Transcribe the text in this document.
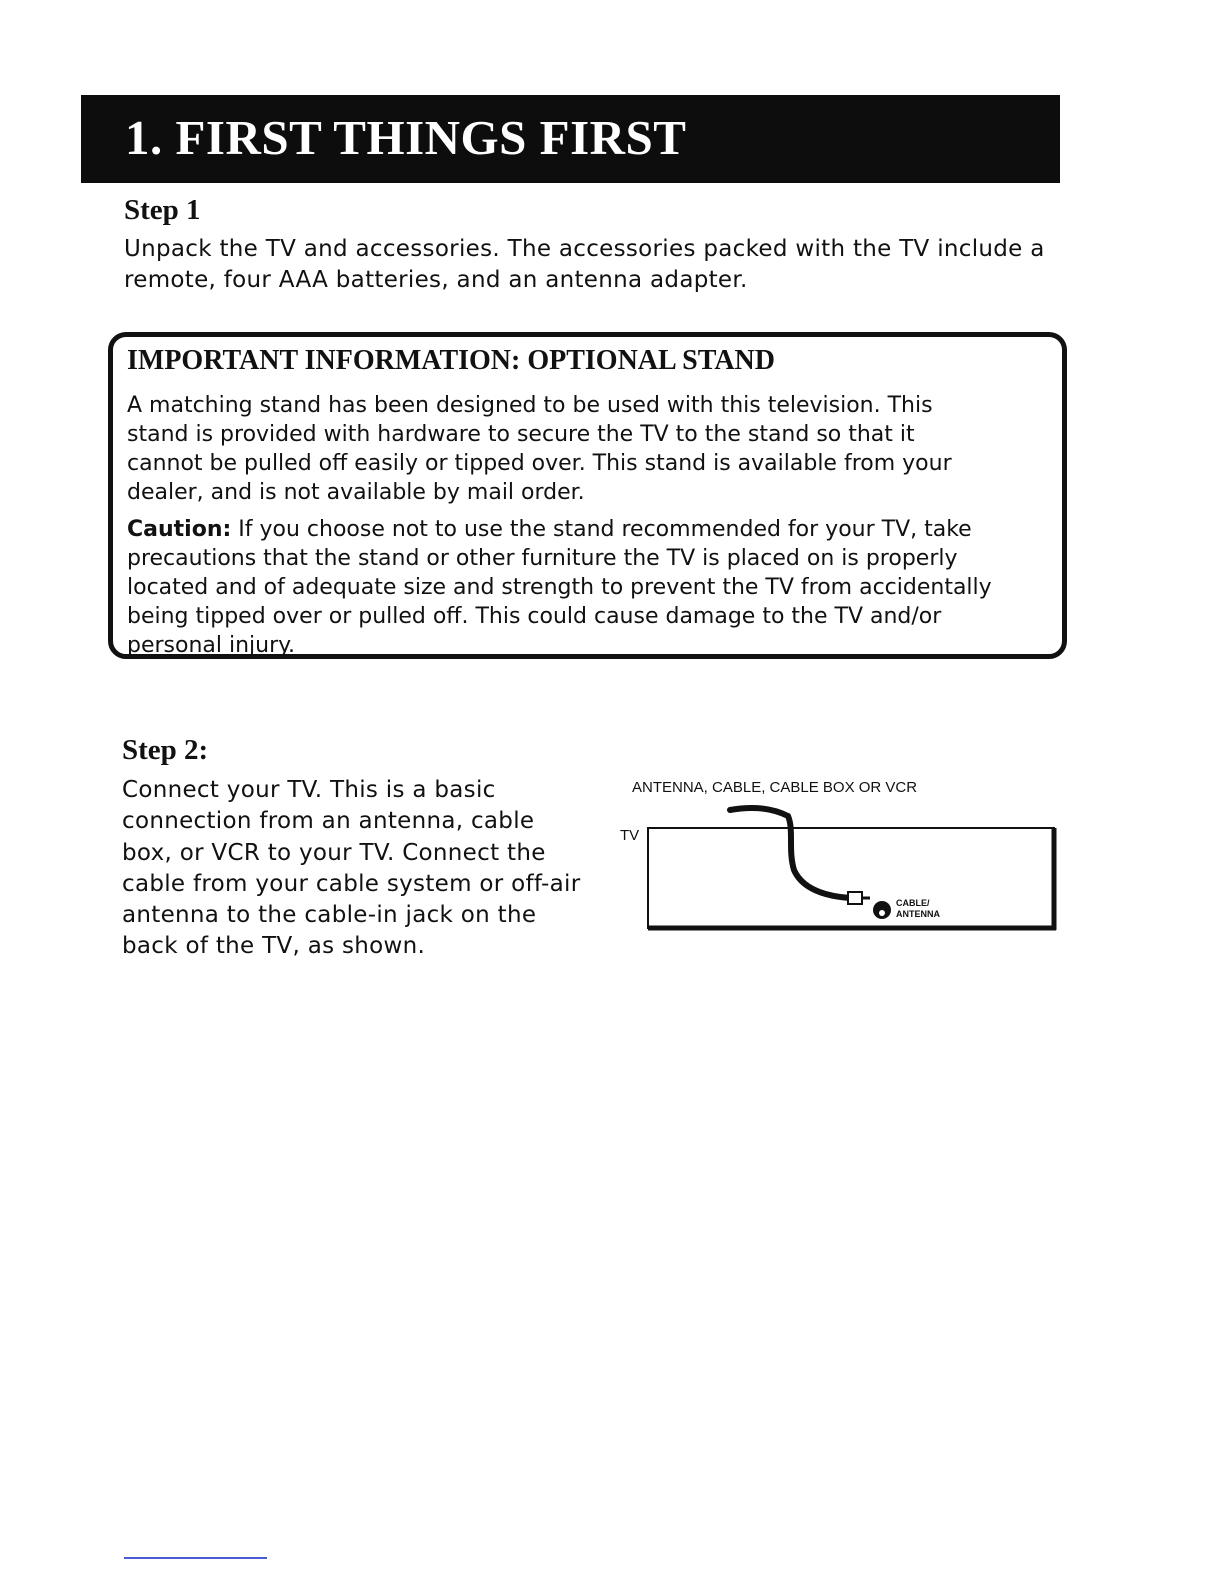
1. FIRST THINGS FIRST
Step 1

Unpack the TV and accessories. The accessories packed with the TV include a

remote, four AAA batteries, and an antenna adapter.

IMPORTANT INFORMATION: OPTIONAL STAND

A matching stand has been designed to be used with this television. This

stand is provided with hardware to secure the TV to the stand so that it

cannot be pulled off easily or tipped over. This stand is available from your

dealer, and is not available by mail order.

Caution: If you choose not to use the stand recommended for your TV, take

precautions that the stand or other furniture the TV is placed on is properly

located and of adequate size and strength to prevent the TV from accidentally

being tipped over or pulled off. This could cause damage to the TV and/or

personal injury.

Step 2:

Connect your TV. This is a basic

connection from an antenna, cable

box, or VCR to your TV. Connect the

cable from your cable system or off-air

antenna to the cable-in jack on the

back of the TV, as shown.

ANTENNA, CABLE, CABLE BOX OR VCR
TV
CABLE/
ANTENNA
